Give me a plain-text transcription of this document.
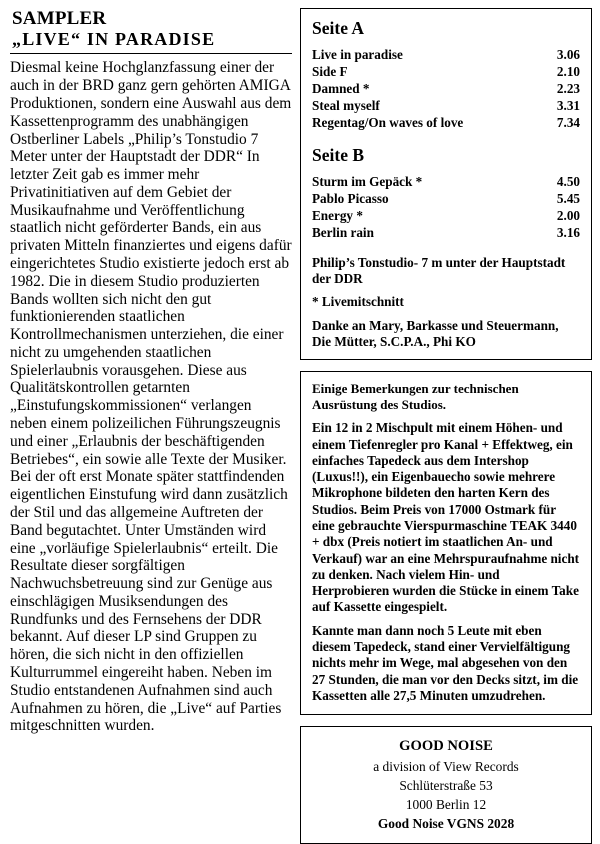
SAMPLER
„LIVE“ IN PARADISE

Diesmal keine Hochglanzfassung einer der auch in der BRD ganz gern gehörten AMIGA Produktionen, sondern eine Auswahl aus dem Kassettenprogramm des unabhängigen Ostberliner Labels „Philip’s Tonstudio 7 Meter unter der Hauptstadt der DDR“ In letzter Zeit gab es immer mehr Privatinitiativen auf dem Gebiet der Musikaufnahme und Veröffentlichung staatlich nicht geförderter Bands, ein aus privaten Mitteln finanziertes und eigens dafür eingerichtetes Studio existierte jedoch erst ab 1982. Die in diesem Studio produzierten Bands wollten sich nicht den gut funktionierenden staatlichen Kontrollmechanismen unterziehen, die einer nicht zu umgehenden staatlichen Spielerlaubnis vorausgehen. Diese aus Qualitätskontrollen getarnten „Einstufungskommissionen“ verlangen neben einem polizeilichen Führungszeugnis und einer „Erlaubnis der beschäftigenden Betriebes“, ein sowie alle Texte der Musiker. Bei der oft erst Monate später stattfindenden eigentlichen Einstufung wird dann zusätzlich der Stil und das allgemeine Auftreten der Band begutachtet. Unter Umständen wird eine „vorläufige Spielerlaubnis“ erteilt. Die Resultate dieser sorgfältigen Nachwuchsbetreuung sind zur Genüge aus einschlägigen Musiksendungen des Rundfunks und des Fernsehens der DDR bekannt. Auf dieser LP sind Gruppen zu hören, die sich nicht in den offiziellen Kulturrummel eingereiht haben. Neben im Studio entstandenen Aufnahmen sind auch Aufnahmen zu hören, die „Live“ auf Parties mitgeschnitten wurden.

Seite A
Live in paradise	3.06
Side F	2.10
Damned *	2.23
Steal myself	3.31
Regentag/On waves of love	7.34
Seite B
Sturm im Gepäck *	4.50
Pablo Picasso	5.45
Energy *	2.00
Berlin rain	3.16
Philip’s Tonstudio- 7 m unter der Hauptstadt
der DDR
* Livemitschnitt
Danke an Mary, Barkasse und Steuermann,
Die Mütter, S.C.P.A., Phi KO
Einige Bemerkungen zur technischen
Ausrüstung des Studios.

Ein 12 in 2 Mischpult mit einem Höhen- und einem Tiefenregler pro Kanal + Effektweg, ein einfaches Tapedeck aus dem Intershop (Luxus!!), ein Eigenbauecho sowie mehrere Mikrophone bildeten den harten Kern des Studios. Beim Preis von 17000 Ostmark für eine gebrauchte Vierspurmaschine TEAK 3440 + dbx (Preis notiert im staatlichen An- und Verkauf) war an eine Mehrspuraufnahme nicht zu denken. Nach vielem Hin- und Herprobieren wurden die Stücke in einem Take auf Kassette eingespielt.

Kannte man dann noch 5 Leute mit eben diesem Tapedeck, stand einer Vervielfältigung nichts mehr im Wege, mal abgesehen von den 27 Stunden, die man vor den Decks sitzt, im die Kassetten alle 27,5 Minuten umzudrehen.

GOOD NOISE
a division of View Records
Schlüterstraße 53
1000 Berlin 12
Good Noise VGNS 2028
